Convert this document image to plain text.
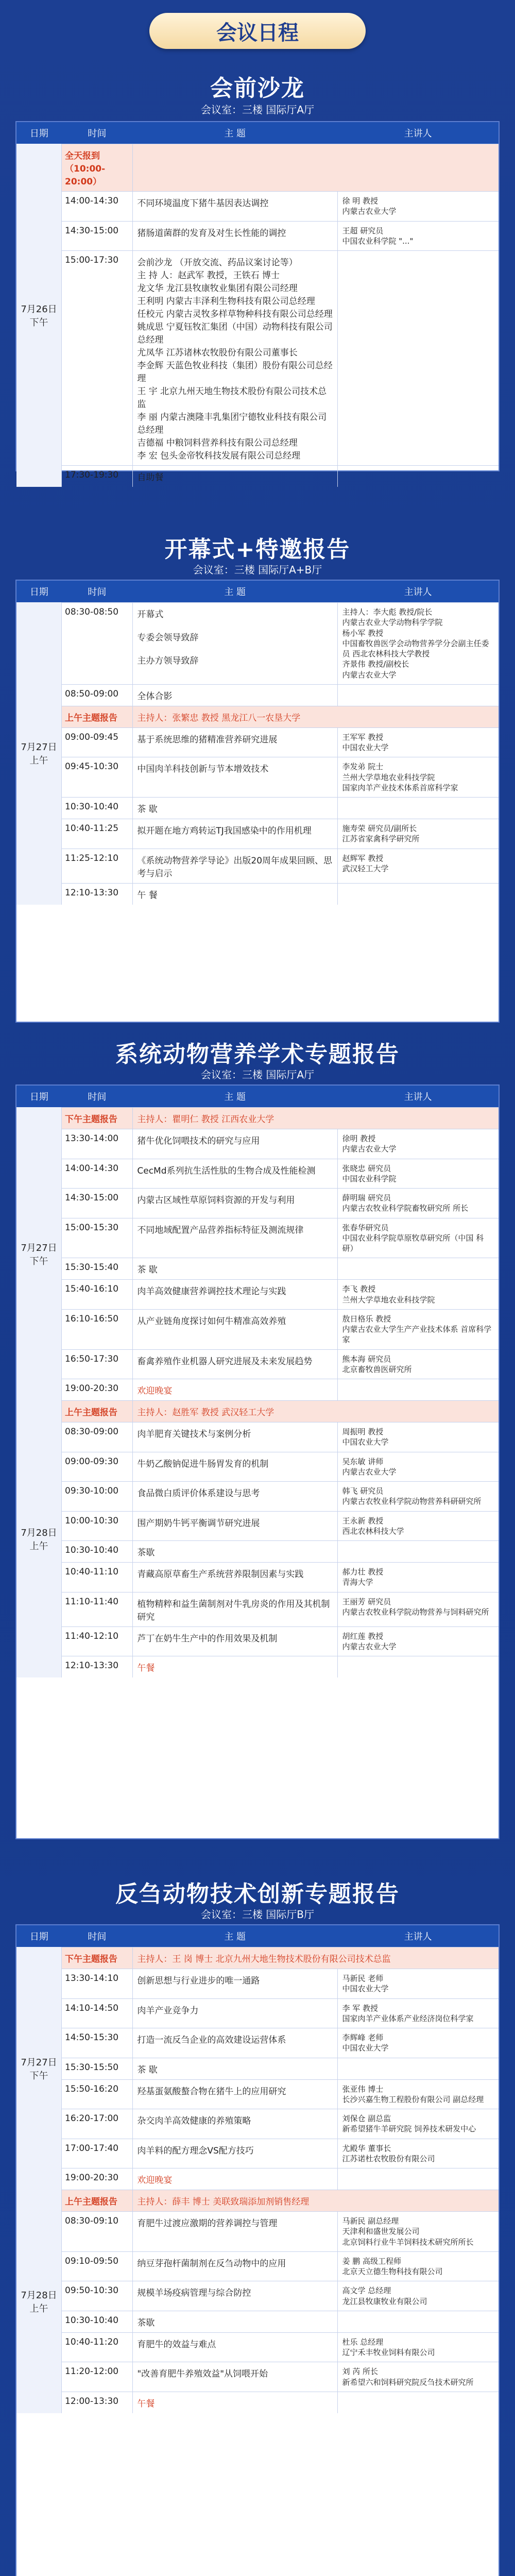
会议日程
会前沙龙
会议室：三楼 国际厅A厅
日期	时间	主 题	主讲人
7月26日
下午
全天报到（10:00-20:00）
14:00-14:30	不同环境温度下猪牛基因表达调控	徐 明 教授
内蒙古农业大学
14:30-15:00	猪肠道菌群的发育及对生长性能的调控	王超 研究员
中国农业科学院 "..."
15:00-17:30	会前沙龙 （开放交流、药品议案讨论等）
主 持 人：赵武军 教授，王铁石 博士
龙文华 龙江县牧康牧业集团有限公司经理
王利明 内蒙古丰泽利生物科技有限公司总经理
任校元 内蒙古灵牧多样草物种科技有限公司总经理
姚成思 宁夏钰牧汇集团（中国）动物科技有限公司总经理
尤凤华 江苏诸林农牧股份有限公司董事长
李金辉 天蓝色牧业科技（集团）股份有限公司总经理
王 宇 北京九州天地生物技术股份有限公司技术总监
李 丽 内蒙古澳隆丰乳集团宁德牧业科技有限公司总经理
吉德福 中粮饲料营养科技有限公司总经理
李 宏 包头金帝牧科技发展有限公司总经理

17:30-19:30	自助餐
开幕式+特邀报告
会议室：三楼 国际厅A+B厅
日期	时间	主 题	主讲人
7月27日
上午
08:30-08:50	开幕式

专委会领导致辞

主办方领导致辞
主持人：李大彪 教授/院长
内蒙古农业大学动物科学学院
杨小军 教授
中国畜牧兽医学会动物营养学分会副主任委员 西北农林科技大学教授
齐景伟 教授/副校长
内蒙古农业大学
08:50-09:00	全体合影
上午主题报告	主持人：张繁忠 教授 黑龙江八一农垦大学
09:00-09:45	基于系统思维的猪精准营养研究进展	王军军 教授
中国农业大学
09:45-10:30	中国肉羊科技创新与节本增效技术	李发弟 院士
兰州大学草地农业科技学院
国家肉羊产业技术体系首席科学家
10:30-10:40	茶 歇
10:40-11:25	拟开题在地方鸡转运TJ我国感染中的作用机理	施寿荣 研究员/副所长
江苏省家禽科学研究所
11:25-12:10	《系统动物营养学导论》出版20周年成果回顾、思考与启示
赵辉军 教授
武汉轻工大学
12:10-13:30	午 餐
系统动物营养学术专题报告
会议室：三楼 国际厅A厅
日期	时间	主 题	主讲人
7月27日
下午
下午主题报告	主持人：瞿明仁 教授 江西农业大学
13:30-14:00	猪牛优化饲喂技术的研究与应用	徐明 教授
内蒙古农业大学
14:00-14:30	CecMd系列抗生活性肽的生物合成及性能检测	张晓忠 研究员
中国农业科学院
14:30-15:00	内蒙古区域性草原饲料资源的开发与利用	薛明瑞 研究员
内蒙古农牧业科学院畜牧研究所 所长
15:00-15:30	不同地域配置产品营养指标特征及测流规律	张春华研究员
中国农业科学院草原牧草研究所（中国 科研）
15:30-15:40	茶 歇
15:40-16:10	肉羊高效健康营养调控技术理论与实践	李飞 教授
兰州大学草地农业科技学院
16:10-16:50	从产业链角度探讨如何牛精准高效养殖	敖日格乐 教授
内蒙古农业大学生产产业技术体系 首席科学家
16:50-17:30	畜禽养殖作业机器人研究进展及未来发展趋势	熊本海 研究员
北京畜牧兽医研究所
19:00-20:30	欢迎晚宴
7月28日
上午
上午主题报告	主持人：赵胜军 教授 武汉轻工大学
08:30-09:00	肉羊肥育关键技术与案例分析	周振明 教授
中国农业大学
09:00-09:30	牛奶乙酸钠促进牛肠胃发育的机制	吴东敏 讲师
内蒙古农业大学
09:30-10:00	食品微白质评价体系建设与思考	韩飞 研究员
内蒙古农牧业科学院动物营养科研研究所
10:00-10:30	围产期奶牛钙平衡调节研究进展	王永新 教授
西北农林科技大学
10:30-10:40	茶歇
10:40-11:10	青藏高原草畜生产系统营养限制因素与实践	郝力壮 教授
青海大学
11:10-11:40	植物精粹和益生菌制剂对牛乳房炎的作用及其机制研究
王丽芳 研究员
内蒙古农牧业科学院动物营养与饲料研究所
11:40-12:10	芦丁在奶牛生产中的作用效果及机制	胡红莲 教授
内蒙古农业大学
12:10-13:30	午餐
反刍动物技术创新专题报告
会议室：三楼 国际厅B厅
日期	时间	主 题	主讲人
7月27日
下午
下午主题报告	主持人：王 岗 博士 北京九州大地生物技术股份有限公司技术总监
13:30-14:10	创新思想与行业进步的唯一通路	马新民 老师
中国农业大学
14:10-14:50	肉羊产业竞争力	李 军 教授
国家肉羊产业体系产业经济岗位科学家
14:50-15:30	打造一流反刍企业的高效建设运营体系	李辉峰 老师
中国农业大学
15:30-15:50	茶 歇
15:50-16:20	羟基蛋氨酸螯合物在猪牛上的应用研究	张亚伟 博士
长沙兴嘉生物工程股份有限公司 副总经理
16:20-17:00	杂交肉羊高效健康的养殖策略	刘保仓 副总监
新希望猪牛羊研究院 饲养技术研发中心
17:00-17:40	肉羊料的配方理念VS配方技巧	尤殿华 董事长
江苏诺杜农牧股份有限公司
19:00-20:30	欢迎晚宴
7月28日
上午
上午主题报告	主持人：薛丰 博士 美联致瑞添加剂销售经理
08:30-09:10	育肥牛过渡应激期的营养调控与管理	马新民 副总经理
天津利和盛世发展公司
北京饲料行业牛羊饲料技术研究所所长
09:10-09:50	纳豆芽孢杆菌制剂在反刍动物中的应用	姜 鹏 高级工程师
北京天立德生物科技有限公司
09:50-10:30	规模羊场疫病管理与综合防控	高文学 总经理
龙江县牧康牧业有限公司
10:30-10:40	茶歇
10:40-11:20	育肥牛的效益与难点	杜乐 总经理
辽宁禾丰牧业饲料有限公司
11:20-12:00	"改善育肥牛养殖效益"从饲喂开始	刘 芮 所长
新希望六和饲料研究院反刍技术研究所
12:00-13:30	午餐
